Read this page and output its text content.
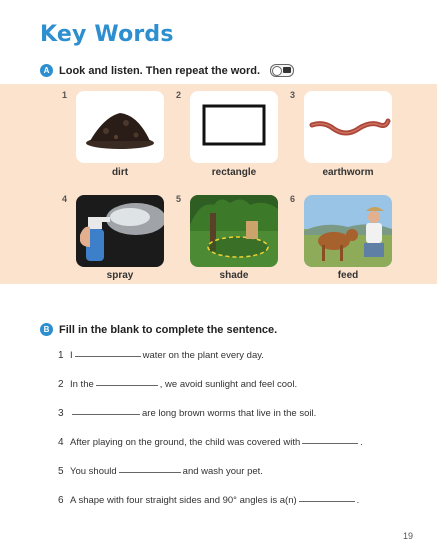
Key Words
A Look and listen. Then repeat the word.
1
dirt
2
rectangle
3
earthworm
4
spray
5
shade
6
feed
B Fill in the blank to complete the sentence.
1 I	water on the plant every day.
2 In the	, we avoid sunlight and feel cool.
3	are long brown worms that live in the soil.
4 After playing on the ground, the child was covered with	.
5 You should	and wash your pet.
6 A shape with four straight sides and 90° angles is a(n)	.
19
